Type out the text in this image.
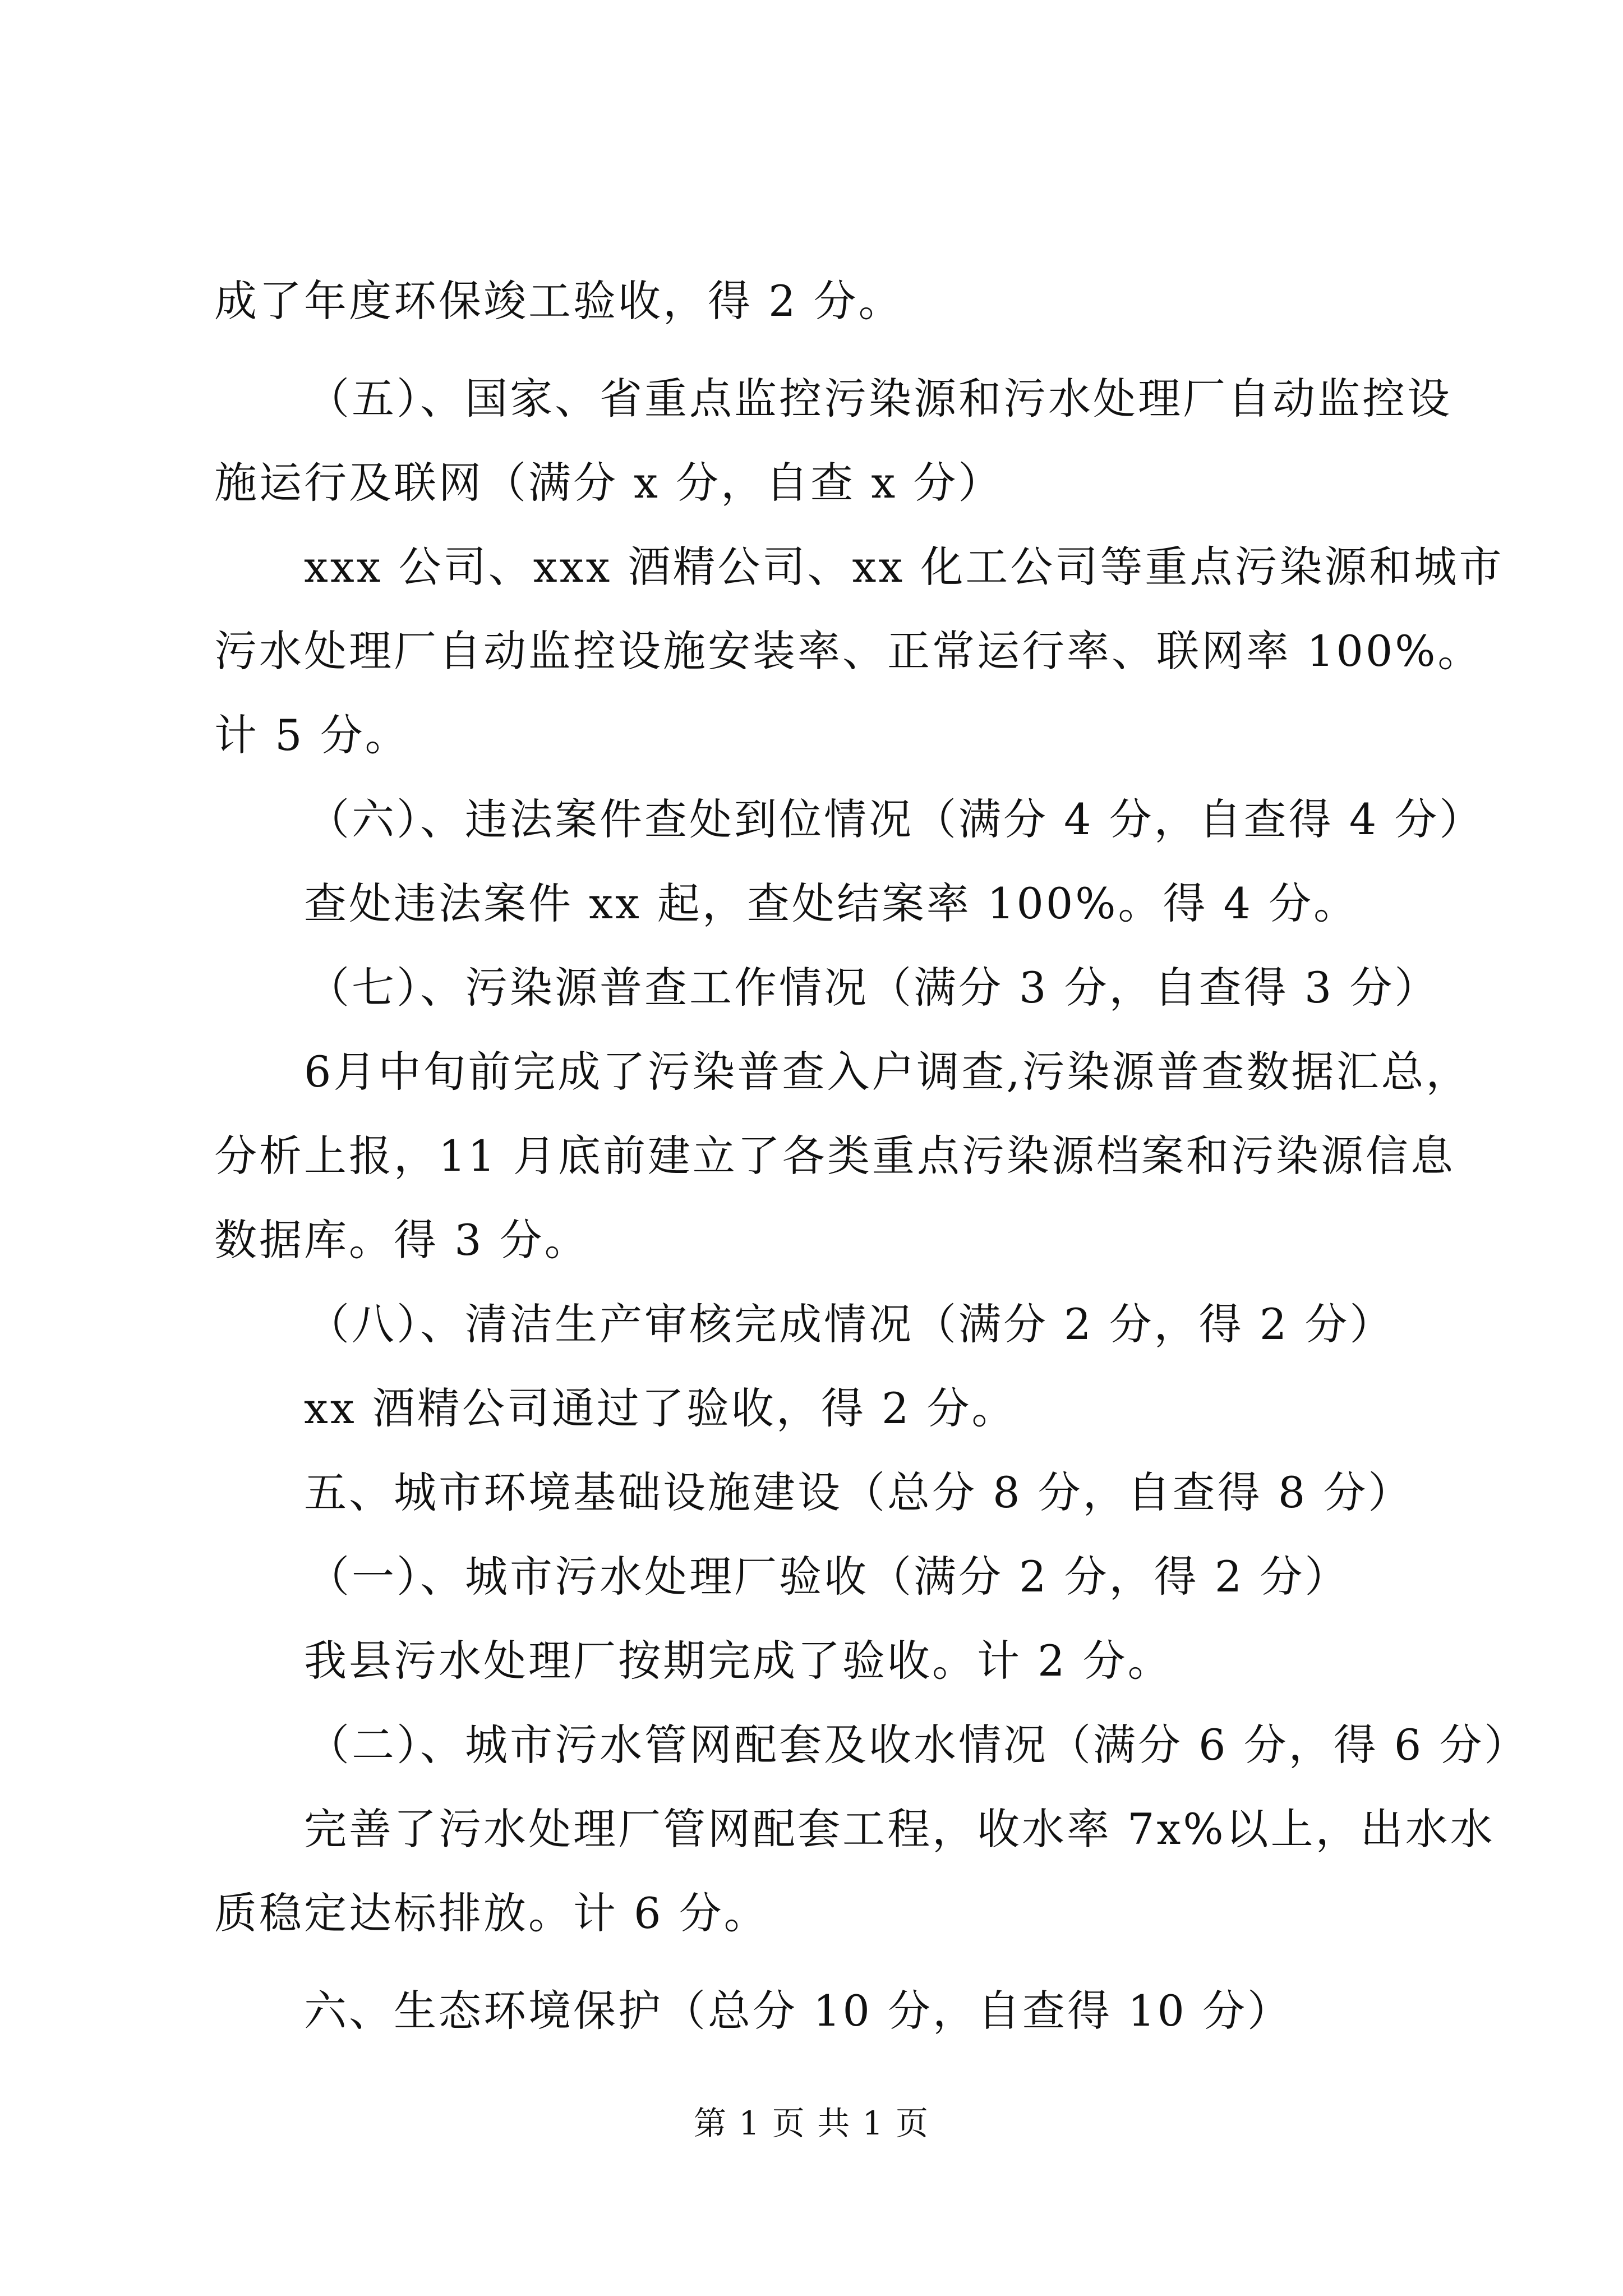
成了年度环保竣工验收，得 2 分。
（五）、国家、省重点监控污染源和污水处理厂自动监控设
施运行及联网（满分 x 分，自查 x 分）
xxx 公司、xxx 酒精公司、xx 化工公司等重点污染源和城市
污水处理厂自动监控设施安装率、正常运行率、联网率 100%。
计 5 分。
（六）、违法案件查处到位情况（满分 4 分，自查得 4 分）
查处违法案件 xx 起，查处结案率 100%。得 4 分。
（七）、污染源普查工作情况（满分 3 分，自查得 3 分）
6月中旬前完成了污染普查入户调查,污染源普查数据汇总，
分析上报，11 月底前建立了各类重点污染源档案和污染源信息
数据库。得 3 分。
（八）、清洁生产审核完成情况（满分 2 分，得 2 分）
xx 酒精公司通过了验收，得 2 分。
五、城市环境基础设施建设（总分 8 分，自查得 8 分）
（一）、城市污水处理厂验收（满分 2 分，得 2 分）
我县污水处理厂按期完成了验收。计 2 分。
（二）、城市污水管网配套及收水情况（满分 6 分，得 6 分）
完善了污水处理厂管网配套工程，收水率 7x%以上，出水水
质稳定达标排放。计 6 分。
六、生态环境保护（总分 10 分，自查得 10 分）
第 1 页 共 1 页
